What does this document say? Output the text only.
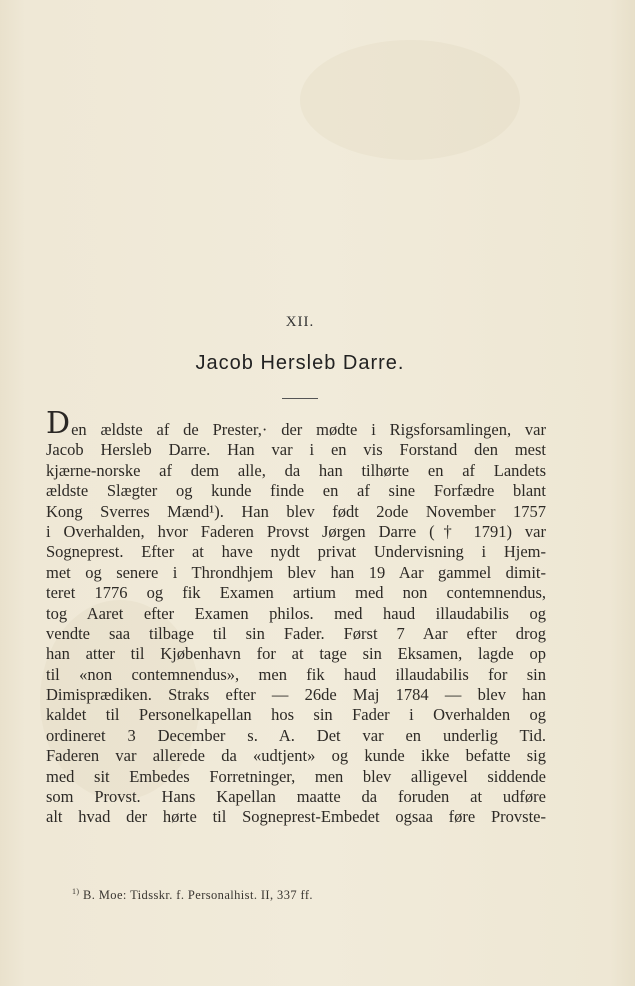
XII.
Jacob Hersleb Darre.
D en ældste af de Prester,· der mødte i Rigsforsamlingen, var
Jacob Hersleb Darre. Han var i en vis Forstand den mest
kjærne-norske af dem alle, da han tilhørte en af Landets
ældste Slægter og kunde finde en af sine Forfædre blant
Kong Sverres Mænd¹). Han blev født 2ode November 1757
i Overhalden, hvor Faderen Provst Jørgen Darre († 1791) var
Sogneprest. Efter at have nydt privat Undervisning i Hjem-
met og senere i Throndhjem blev han 19 Aar gammel dimit-
teret 1776 og fik Examen artium med non contemnendus,
tog Aaret efter Examen philos. med haud illaudabilis og
vendte saa tilbage til sin Fader. Først 7 Aar efter drog
han atter til Kjøbenhavn for at tage sin Eksamen, lagde op
til «non contemnendus», men fik haud illaudabilis for sin
Dimisprædiken. Straks efter — 26de Maj 1784 — blev han
kaldet til Personelkapellan hos sin Fader i Overhalden og
ordineret 3 December s. A. Det var en underlig Tid.
Faderen var allerede da «udtjent» og kunde ikke befatte sig
med sit Embedes Forretninger, men blev alligevel siddende
som Provst. Hans Kapellan maatte da foruden at udføre
alt hvad der hørte til Sogneprest-Embedet ogsaa føre Provste-
$^{1)}$ B. Moe: Tidsskr. f. Personalhist. II, 337 ff.
